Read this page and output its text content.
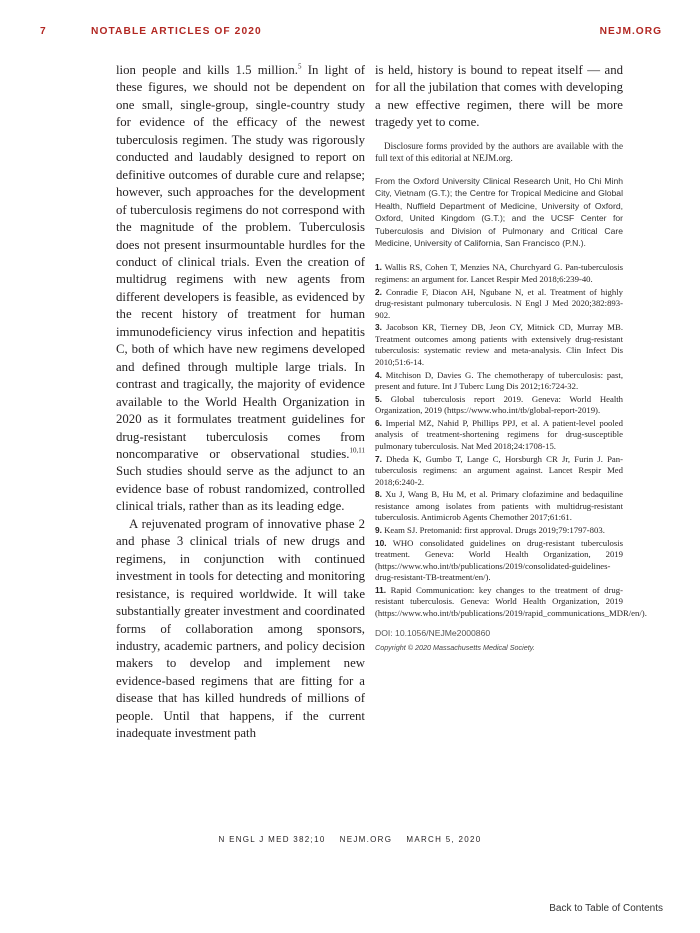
7	NOTABLE ARTICLES OF 2020	NEJM.ORG

lion people and kills 1.5 million.$^5$ In light of these figures, we should not be dependent on one small, single-group, single-country study for evidence of the efficacy of the newest tuberculosis regimen. The study was rigorously conducted and laudably designed to report on definitive outcomes of durable cure and relapse; however, such approaches for the development of tuberculosis regimens do not correspond with the magnitude of the problem. Tuberculosis does not present insurmountable hurdles for the conduct of clinical trials. Even the creation of multidrug regimens with new agents from different developers is feasible, as evidenced by the recent history of treatment for human immunodeficiency virus infection and hepatitis C, both of which have new regimens developed and defined through multiple large trials. In contrast and tragically, the majority of evidence available to the World Health Organization in 2020 as it formulates treatment guidelines for drug-resistant tuberculosis comes from noncomparative or observational studies.$^{10,11}$ Such studies should serve as the adjunct to an evidence base of robust randomized, controlled clinical trials, rather than as its leading edge.

A rejuvenated program of innovative phase 2 and phase 3 clinical trials of new drugs and regimens, in conjunction with continued investment in tools for detecting and monitoring resistance, is required worldwide. It will take substantially greater investment and coordinated forms of collaboration among sponsors, industry, academic partners, and policy decision makers to develop and implement new evidence-based regimens that are fitting for a disease that has killed hundreds of millions of people. Until that happens, if the current inadequate investment path

is held, history is bound to repeat itself — and for all the jubilation that comes with developing a new effective regimen, there will be more tragedy yet to come.

Disclosure forms provided by the authors are available with the full text of this editorial at NEJM.org.

From the Oxford University Clinical Research Unit, Ho Chi Minh City, Vietnam (G.T.); the Centre for Tropical Medicine and Global Health, Nuffield Department of Medicine, University of Oxford, Oxford, United Kingdom (G.T.); and the UCSF Center for Tuberculosis and Division of Pulmonary and Critical Care Medicine, University of California, San Francisco (P.N.).

1. Wallis RS, Cohen T, Menzies NA, Churchyard G. Pan-tuberculosis regimens: an argument for. Lancet Respir Med 2018;6:239-40.
2. Conradie F, Diacon AH, Ngubane N, et al. Treatment of highly drug-resistant pulmonary tuberculosis. N Engl J Med 2020;382:893-902.
3. Jacobson KR, Tierney DB, Jeon CY, Mitnick CD, Murray MB. Treatment outcomes among patients with extensively drug-resistant tuberculosis: systematic review and meta-analysis. Clin Infect Dis 2010;51:6-14.
4. Mitchison D, Davies G. The chemotherapy of tuberculosis: past, present and future. Int J Tuberc Lung Dis 2012;16:724-32.
5. Global tuberculosis report 2019. Geneva: World Health Organization, 2019 (https://www.who.int/tb/global-report-2019).
6. Imperial MZ, Nahid P, Phillips PPJ, et al. A patient-level pooled analysis of treatment-shortening regimens for drug-susceptible pulmonary tuberculosis. Nat Med 2018;24:1708-15.
7. Dheda K, Gumbo T, Lange C, Horsburgh CR Jr, Furin J. Pan-tuberculosis regimens: an argument against. Lancet Respir Med 2018;6:240-2.
8. Xu J, Wang B, Hu M, et al. Primary clofazimine and bedaquiline resistance among isolates from patients with multidrug-resistant tuberculosis. Antimicrob Agents Chemother 2017;61:61.
9. Keam SJ. Pretomanid: first approval. Drugs 2019;79:1797-803.
10. WHO consolidated guidelines on drug-resistant tuberculosis treatment. Geneva: World Health Organization, 2019 (https://www.who.int/tb/publications/2019/consolidated-guidelines-drug-resistant-TB-treatment/en/).
11. Rapid Communication: key changes to the treatment of drug-resistant tuberculosis. Geneva: World Health Organization, 2019 (https://www.who.int/tb/publications/2019/rapid_communications_MDR/en/).
DOI: 10.1056/NEJMe2000860
Copyright © 2020 Massachusetts Medical Society.
N ENGL J MED 382;10    NEJM.ORG    MARCH 5, 2020
Back to Table of Contents
